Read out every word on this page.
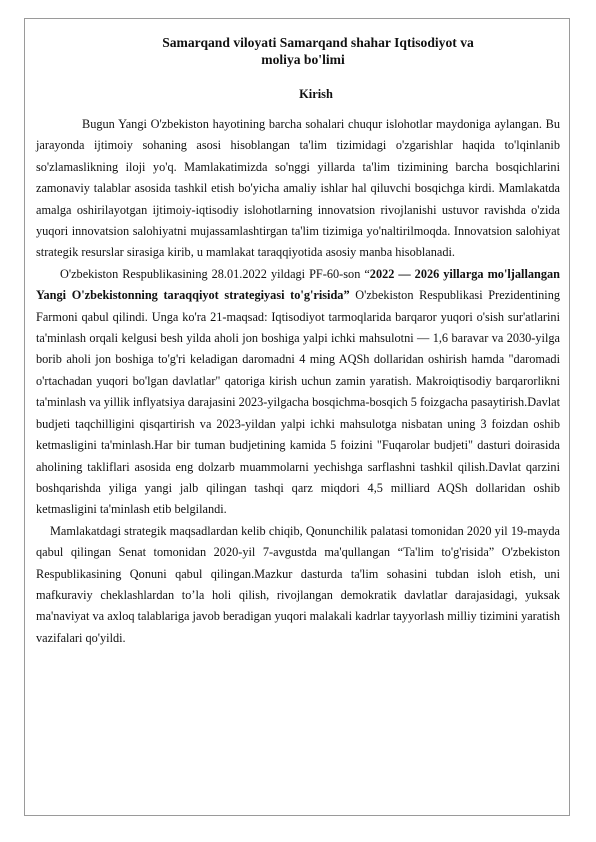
Samarqand viloyati Samarqand shahar Iqtisodiyot va
moliya bo'limi
Kirish

Bugun Yangi O'zbekiston hayotining barcha sohalari chuqur islohotlar maydoniga aylangan. Bu jarayonda ijtimoiy sohaning asosi hisoblangan ta'lim tizimidagi o'zgarishlar haqida to'lqinlanib so'zlamaslikning iloji yo'q. Mamlakatimizda so'nggi yillarda ta'lim tizimining barcha bosqichlarini zamonaviy talablar asosida tashkil etish bo'yicha amaliy ishlar hal qiluvchi bosqichga kirdi. Mamlakatda amalga oshirilayotgan ijtimoiy-iqtisodiy islohotlarning innovatsion rivojlanishi ustuvor ravishda o'zida yuqori innovatsion salohiyatni mujassamlashtirgan ta'lim tizimiga yo'naltirilmoqda. Innovatsion salohiyat strategik resurslar sirasiga kirib, u mamlakat taraqqiyotida asosiy manba hisoblanadi.

O'zbekiston Respublikasining 28.01.2022 yildagi PF-60-son “2022 — 2026 yillarga mo'ljallangan Yangi O'zbekistonning taraqqiyot strategiyasi to'g'risida” O'zbekiston Respublikasi Prezidentining Farmoni qabul qilindi. Unga ko'ra 21-maqsad: Iqtisodiyot tarmoqlarida barqaror yuqori o'sish sur'atlarini ta'minlash orqali kelgusi besh yilda aholi jon boshiga yalpi ichki mahsulotni — 1,6 baravar va 2030-yilga borib aholi jon boshiga to'g'ri keladigan daromadni 4 ming AQSh dollaridan oshirish hamda "daromadi o'rtachadan yuqori bo'lgan davlatlar" qatoriga kirish uchun zamin yaratish. Makroiqtisodiy barqarorlikni ta'minlash va yillik inflyatsiya darajasini 2023-yilgacha bosqichma-bosqich 5 foizgacha pasaytirish.Davlat budjeti taqchilligini qisqartirish va 2023-yildan yalpi ichki mahsulotga nisbatan uning 3 foizdan oshib ketmasligini ta'minlash.Har bir tuman budjetining kamida 5 foizini "Fuqarolar budjeti" dasturi doirasida aholining takliflari asosida eng dolzarb muammolarni yechishga sarflashni tashkil qilish.Davlat qarzini boshqarishda yiliga yangi jalb qilingan tashqi qarz miqdori 4,5 milliard AQSh dollaridan oshib ketmasligini ta'minlash etib belgilandi.

Mamlakatdagi strategik maqsadlardan kelib chiqib, Qonunchilik palatasi tomonidan 2020 yil 19-mayda qabul qilingan Senat tomonidan 2020-yil 7-avgustda ma'qullangan “Ta'lim to'g'risida” O'zbekiston Respublikasining Qonuni qabul qilingan.Mazkur dasturda ta'lim sohasini tubdan isloh etish, uni mafkuraviy cheklashlardan to’la holi qilish, rivojlangan demokratik davlatlar darajasidagi, yuksak ma'naviyat va axloq talablariga javob beradigan yuqori malakali kadrlar tayyorlash milliy tizimini yaratish vazifalari qo'yildi.
